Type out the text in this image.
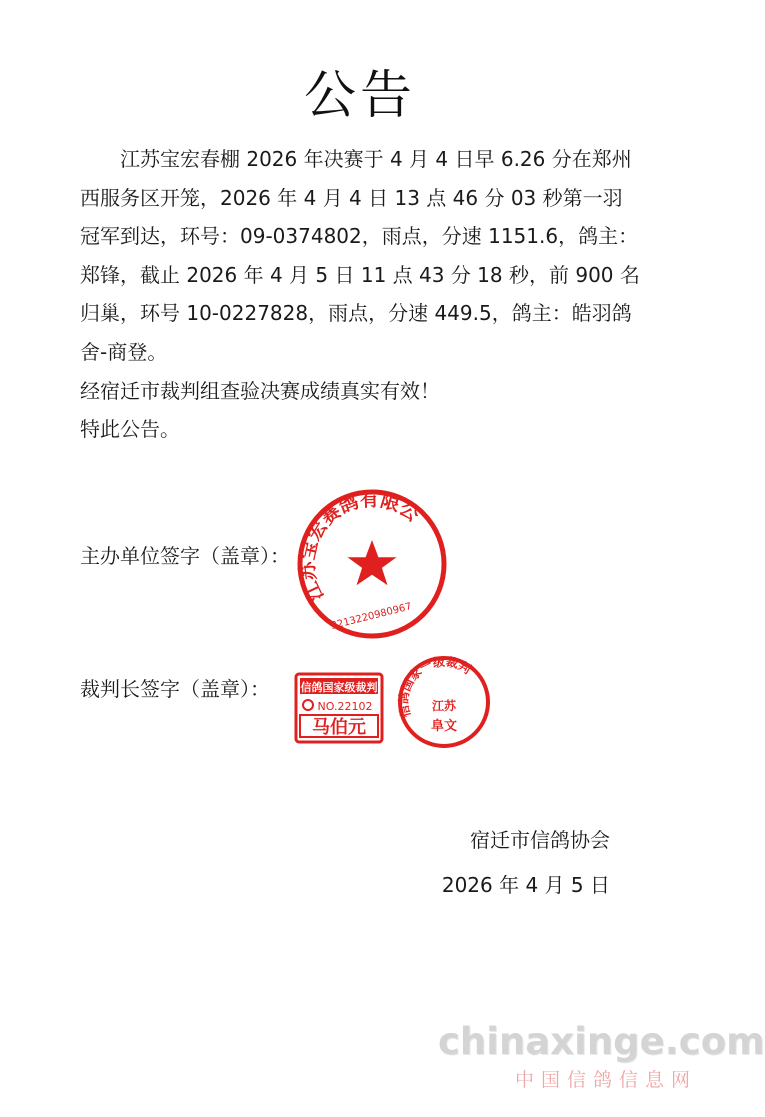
公告

江苏宝宏春棚 2026 年决赛于 4 月 4 日早 6.26 分在郑州西服务区开笼，2026 年 4 月 4 日 13 点 46 分 03 秒第一羽冠军到达，环号：09-0374802，雨点，分速 1151.6，鸽主：郑锋，截止 2026 年 4 月 5 日 11 点 43 分 18 秒，前 900 名归巢，环号 10-0227828，雨点，分速 449.5，鸽主：皓羽鸽舍-商登。

经宿迁市裁判组查验决赛成绩真实有效！

特此公告。

主办单位签字（盖章）：
江苏宝宏赛鸽有限公司
3213220980967
裁判长签字（盖章）：	信鸽国家级裁判
NO.22102
马伯元
信鸽国家一级裁判
江苏
阜文
宿迁市信鸽协会
2026 年 4 月 5 日
chinaxinge.com
中国信鸽信息网
